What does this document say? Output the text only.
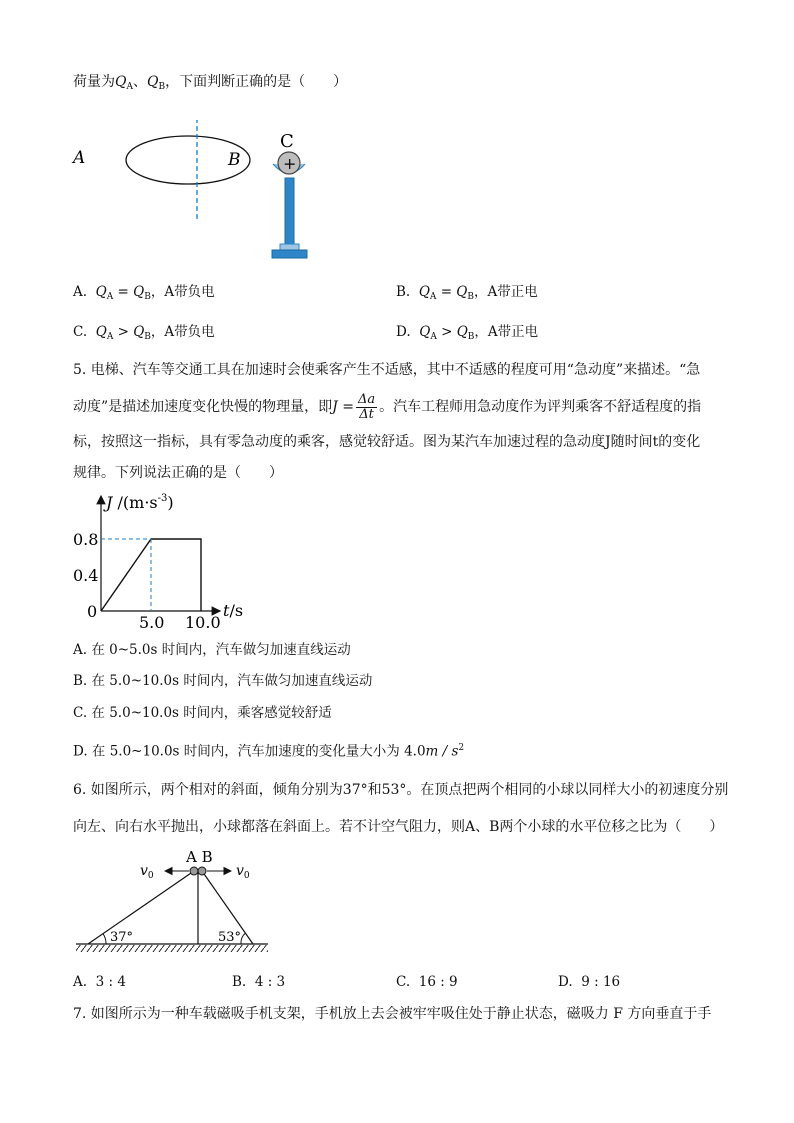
荷量为$Q_A$、$Q_B$，下面判断正确的是（　　）
A	B
C
+
A. $Q_A = Q_B$，A带负电	B. $Q_A = Q_B$，A带正电
C. $Q_A > Q_B$，A带负电	D. $Q_A > Q_B$，A带正电
5. 电梯、汽车等交通工具在加速时会使乘客产生不适感，其中不适感的程度可用“急动度”来描述。“急
动度”是描述加速度变化快慢的物理量，即$J = \frac{\Delta a}{\Delta t}$ 。汽车工程师用急动度作为评判乘客不舒适程度的指
标，按照这一指标，具有零急动度的乘客，感觉较舒适。图为某汽车加速过程的急动度J随时间t的变化
规律。下列说法正确的是（　　）
J $/(m\cdot s^{-3})$
t/s
0.8
0.4
5.0 10.0
0
A. 在 0~5.0s 时间内，汽车做匀加速直线运动
B. 在 5.0~10.0s 时间内，汽车做匀加速直线运动
C. 在 5.0~10.0s 时间内，乘客感觉较舒适
D. 在 5.0~10.0s 时间内，汽车加速度的变化量大小为 $4.0m / s^2$
6. 如图所示，两个相对的斜面，倾角分别为37°和53°。在顶点把两个相同的小球以同样大小的初速度分别
向左、向右水平抛出，小球都落在斜面上。若不计空气阻力，则A、B两个小球的水平位移之比为（　　）
A B
$v_0$	$v_0$
37°	53°
A. 3 : 4	B. 4 : 3	C. 16 : 9	D. 9 : 16
7. 如图所示为一种车载磁吸手机支架，手机放上去会被牢牢吸住处于静止状态，磁吸力 F 方向垂直于手
